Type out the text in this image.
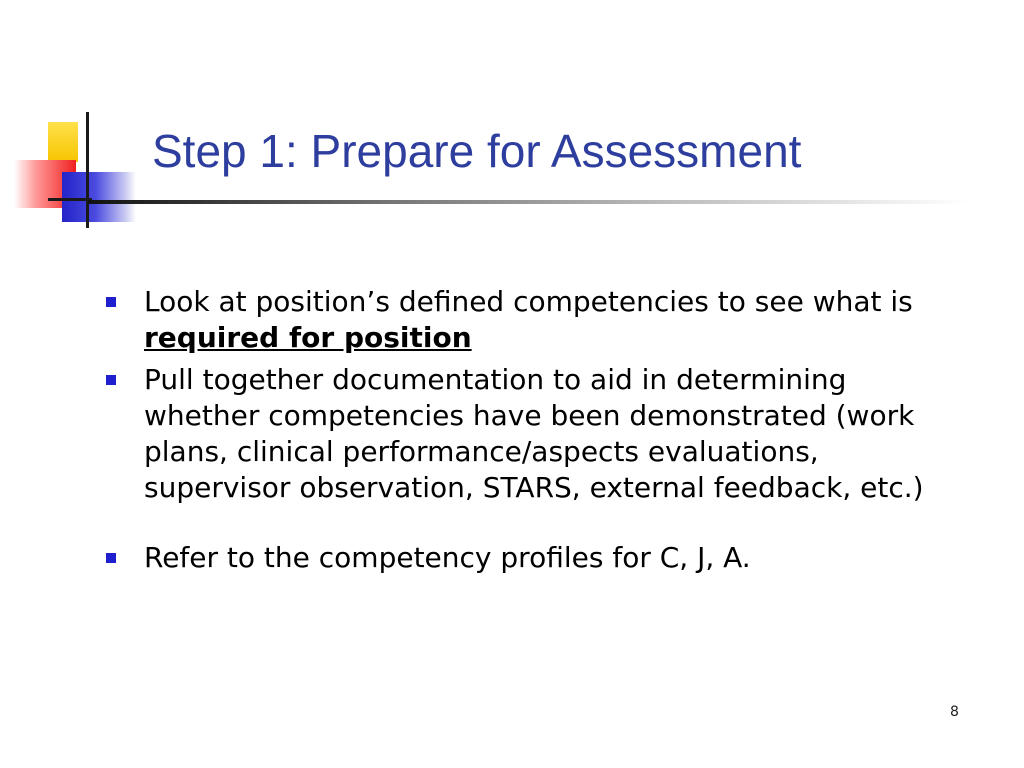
Step 1: Prepare for Assessment
Look at position’s defined competencies to see what is required for position
Pull together documentation to aid in determining whether competencies have been demonstrated (work plans, clinical performance/aspects evaluations, supervisor observation, STARS, external feedback, etc.)
Refer to the competency profiles for C, J, A.
8
